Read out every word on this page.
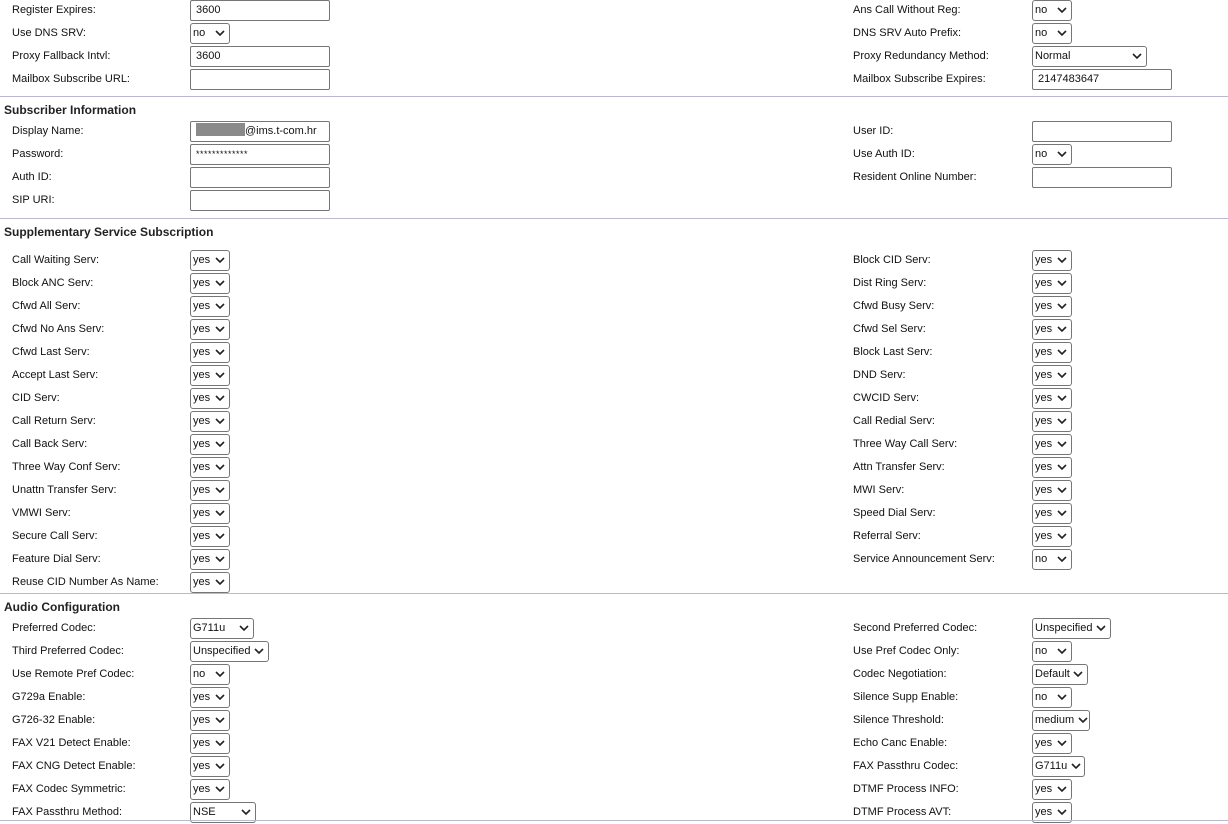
Register Expires:	3600	Ans Call Without Reg:	no
Use DNS SRV:	no	DNS SRV Auto Prefix:	no
Proxy Fallback Intvl:	3600	Proxy Redundancy Method:	Normal
Mailbox Subscribe URL:	Mailbox Subscribe Expires:	2147483647
Subscriber Information
Display Name:	@ims.t-com.hr	User ID:
Password:	*************	Use Auth ID:	no
Auth ID:	Resident Online Number:
SIP URI:
Supplementary Service Subscription
Call Waiting Serv:	yes	Block CID Serv:	yes
Block ANC Serv:	yes	Dist Ring Serv:	yes
Cfwd All Serv:	yes	Cfwd Busy Serv:	yes
Cfwd No Ans Serv:	yes	Cfwd Sel Serv:	yes
Cfwd Last Serv:	yes	Block Last Serv:	yes
Accept Last Serv:	yes	DND Serv:	yes
CID Serv:	yes	CWCID Serv:	yes
Call Return Serv:	yes	Call Redial Serv:	yes
Call Back Serv:	yes	Three Way Call Serv:	yes
Three Way Conf Serv:	yes	Attn Transfer Serv:	yes
Unattn Transfer Serv:	yes	MWI Serv:	yes
VMWI Serv:	yes	Speed Dial Serv:	yes
Secure Call Serv:	yes	Referral Serv:	yes
Feature Dial Serv:	yes	Service Announcement Serv:	no
Reuse CID Number As Name:	yes
Audio Configuration
Preferred Codec:	G711u	Second Preferred Codec:	Unspecified
Third Preferred Codec:	Unspecified	Use Pref Codec Only:	no
Use Remote Pref Codec:	no	Codec Negotiation:	Default
G729a Enable:	yes	Silence Supp Enable:	no
G726-32 Enable:	yes	Silence Threshold:	medium
FAX V21 Detect Enable:	yes	Echo Canc Enable:	yes
FAX CNG Detect Enable:	yes	FAX Passthru Codec:	G711u
FAX Codec Symmetric:	yes	DTMF Process INFO:	yes
FAX Passthru Method:	NSE	DTMF Process AVT:	yes
